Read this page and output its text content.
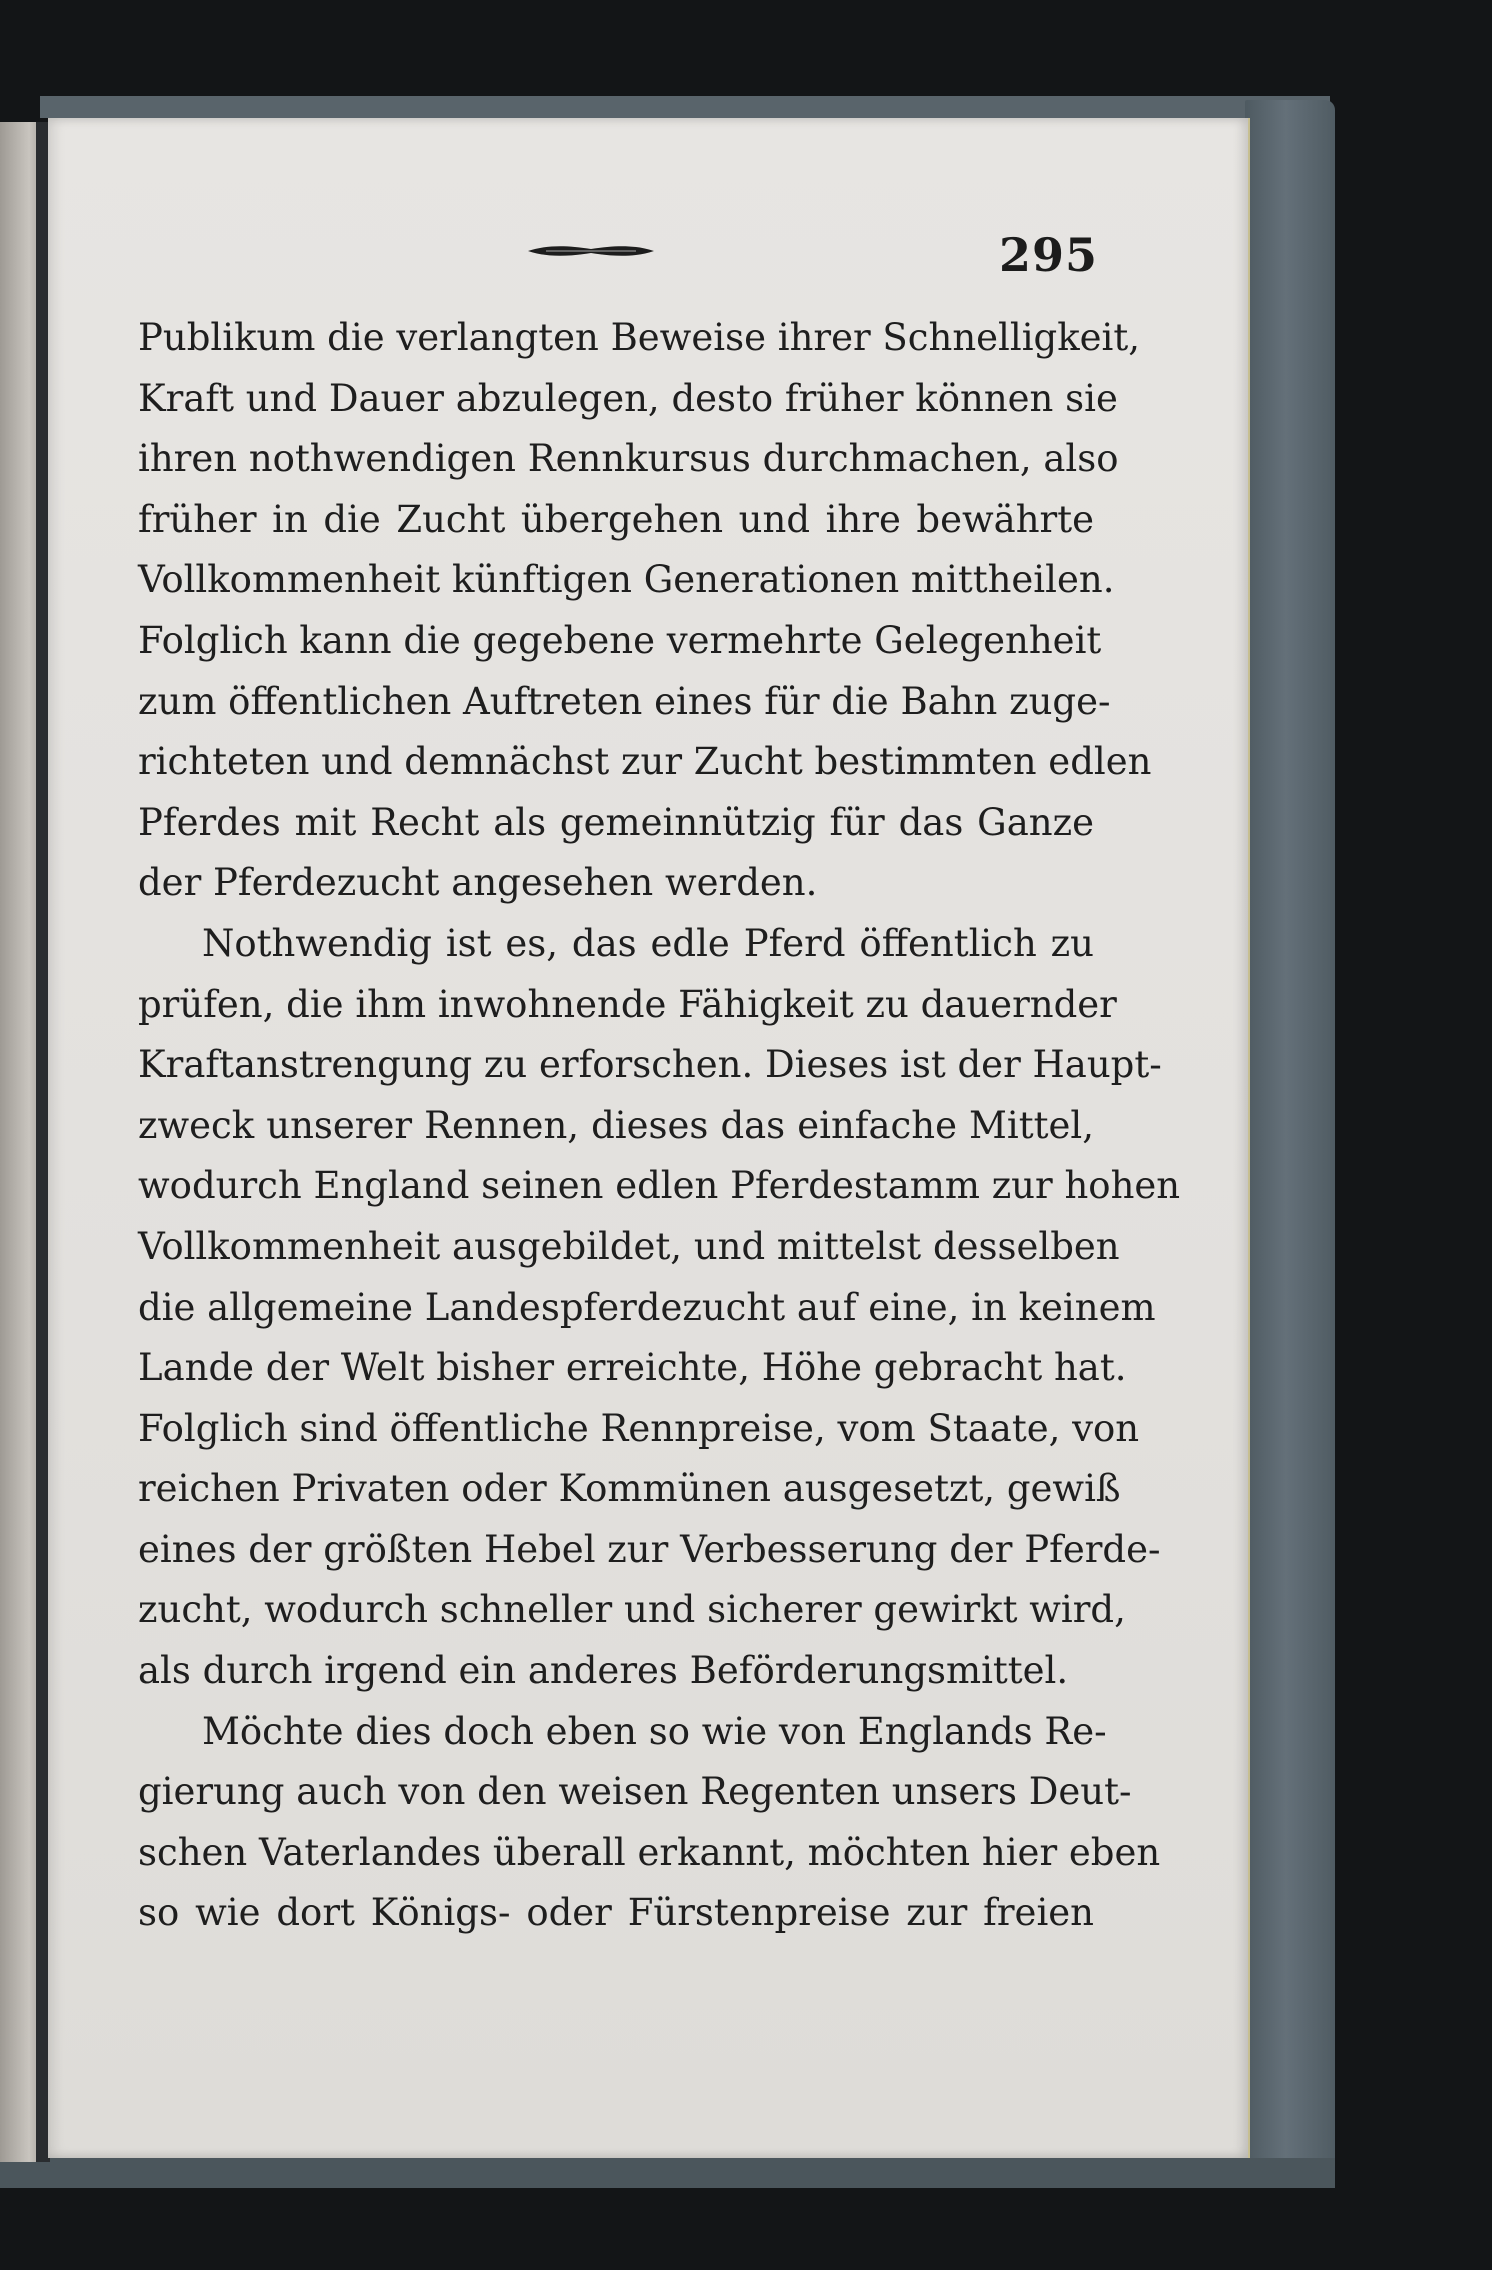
295
Publikum die verlangten Beweise ihrer Schnelligkeit,
Kraft und Dauer abzulegen, desto früher können sie
ihren nothwendigen Rennkursus durchmachen, also
früher in die Zucht übergehen und ihre bewährte
Vollkommenheit künftigen Generationen mittheilen.
Folglich kann die gegebene vermehrte Gelegenheit
zum öffentlichen Auftreten eines für die Bahn zuge-
richteten und demnächst zur Zucht bestimmten edlen
Pferdes mit Recht als gemeinnützig für das Ganze
der Pferdezucht angesehen werden.
Nothwendig ist es, das edle Pferd öffentlich zu
prüfen, die ihm inwohnende Fähigkeit zu dauernder
Kraftanstrengung zu erforschen. Dieses ist der Haupt-
zweck unserer Rennen, dieses das einfache Mittel,
wodurch England seinen edlen Pferdestamm zur hohen
Vollkommenheit ausgebildet, und mittelst desselben
die allgemeine Landespferdezucht auf eine, in keinem
Lande der Welt bisher erreichte, Höhe gebracht hat.
Folglich sind öffentliche Rennpreise, vom Staate, von
reichen Privaten oder Kommünen ausgesetzt, gewiß
eines der größten Hebel zur Verbesserung der Pferde-
zucht, wodurch schneller und sicherer gewirkt wird,
als durch irgend ein anderes Beförderungsmittel.
Möchte dies doch eben so wie von Englands Re-
gierung auch von den weisen Regenten unsers Deut-
schen Vaterlandes überall erkannt, möchten hier eben
so wie dort Königs- oder Fürstenpreise zur freien
